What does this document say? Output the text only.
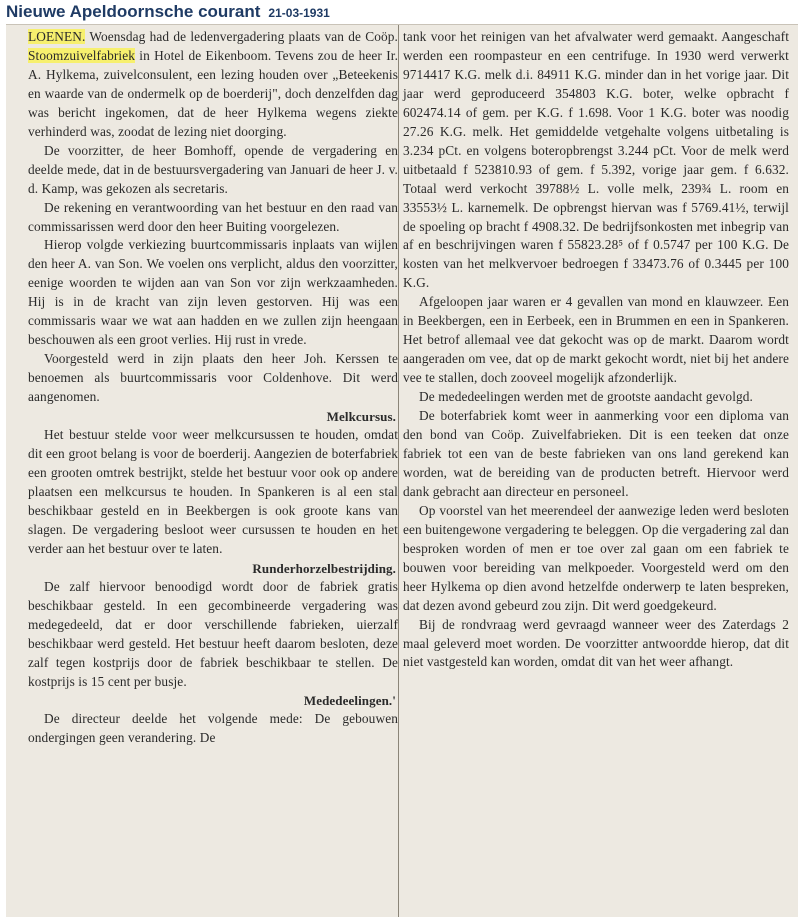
Nieuwe Apeldoornsche courant 21-03-1931

LOENEN. Woensdag had de ledenvergadering plaats van de Coöp. Stoomzuivelfabriek in Hotel de Eikenboom. Tevens zou de heer Ir. A. Hylkema, zuivelconsulent, een lezing houden over „Beteekenis en waarde van de ondermelk op de boerderij", doch denzelfden dag was bericht ingekomen, dat de heer Hylkema wegens ziekte verhinderd was, zoodat de lezing niet doorging.

De voorzitter, de heer Bomhoff, opende de vergadering en deelde mede, dat in de bestuursvergadering van Januari de heer J. v. d. Kamp, was gekozen als secretaris.

De rekening en verantwoording van het bestuur en den raad van commissarissen werd door den heer Buiting voorgelezen.

Hierop volgde verkiezing buurtcommissaris inplaats van wijlen den heer A. van Son. We voelen ons verplicht, aldus den voorzitter, eenige woorden te wijden aan van Son vor zijn werkzaamheden. Hij is in de kracht van zijn leven gestorven. Hij was een commissaris waar we wat aan hadden en we zullen zijn heengaan beschouwen als een groot verlies. Hij rust in vrede.

Voorgesteld werd in zijn plaats den heer Joh. Kerssen te benoemen als buurtcommissaris voor Coldenhove. Dit werd aangenomen.

Melkcursus.

Het bestuur stelde voor weer melkcursussen te houden, omdat dit een groot belang is voor de boerderij. Aangezien de boterfabriek een grooten omtrek bestrijkt, stelde het bestuur voor ook op andere plaatsen een melkcursus te houden. In Spankeren is al een stal beschikbaar gesteld en in Beekbergen is ook groote kans van slagen. De vergadering besloot weer cursussen te houden en het verder aan het bestuur over te laten.

Runderhorzelbestrijding.

De zalf hiervoor benoodigd wordt door de fabriek gratis beschikbaar gesteld. In een gecombineerde vergadering was medegedeeld, dat er door verschillende fabrieken, uierzalf beschikbaar werd gesteld. Het bestuur heeft daarom besloten, deze zalf tegen kostprijs door de fabriek beschikbaar te stellen. De kostprijs is 15 cent per busje.

Mededeelingen.'

De directeur deelde het volgende mede: De gebouwen ondergingen geen verandering. De

tank voor het reinigen van het afvalwater werd gemaakt. Aangeschaft werden een roompasteur en een centrifuge. In 1930 werd verwerkt 9714417 K.G. melk d.i. 84911 K.G. minder dan in het vorige jaar. Dit jaar werd geproduceerd 354803 K.G. boter, welke opbracht f 602474.14 of gem. per K.G. f 1.698. Voor 1 K.G. boter was noodig 27.26 K.G. melk. Het gemiddelde vetgehalte volgens uitbetaling is 3.234 pCt. en volgens boteropbrengst 3.244 pCt. Voor de melk werd uitbetaald f 523810.93 of gem. f 5.392, vorige jaar gem. f 6.632. Totaal werd verkocht 39788½ L. volle melk, 239¾ L. room en 33553½ L. karnemelk. De opbrengst hiervan was f 5769.41½, terwijl de spoeling op bracht f 4908.32. De bedrijfsonkosten met inbegrip van af en beschrijvingen waren f 55823.28⁵ of f 0.5747 per 100 K.G. De kosten van het melkvervoer bedroegen f 33473.76 of 0.3445 per 100 K.G.

Afgeloopen jaar waren er 4 gevallen van mond en klauwzeer. Een in Beekbergen, een in Eerbeek, een in Brummen en een in Spankeren. Het betrof allemaal vee dat gekocht was op de markt. Daarom wordt aangeraden om vee, dat op de markt gekocht wordt, niet bij het andere vee te stallen, doch zooveel mogelijk afzonderlijk.

De mededeelingen werden met de grootste aandacht gevolgd.

De boterfabriek komt weer in aanmerking voor een diploma van den bond van Coöp. Zuivelfabrieken. Dit is een teeken dat onze fabriek tot een van de beste fabrieken van ons land gerekend kan worden, wat de bereiding van de producten betreft. Hiervoor werd dank gebracht aan directeur en personeel.

Op voorstel van het meerendeel der aanwezige leden werd besloten een buitengewone vergadering te beleggen. Op die vergadering zal dan besproken worden of men er toe over zal gaan om een fabriek te bouwen voor bereiding van melkpoeder. Voorgesteld werd om den heer Hylkema op dien avond hetzelfde onderwerp te laten bespreken, dat dezen avond gebeurd zou zijn. Dit werd goedgekeurd.

Bij de rondvraag werd gevraagd wanneer weer des Zaterdags 2 maal geleverd moet worden. De voorzitter antwoordde hierop, dat dit niet vastgesteld kan worden, omdat dit van het weer afhangt.
